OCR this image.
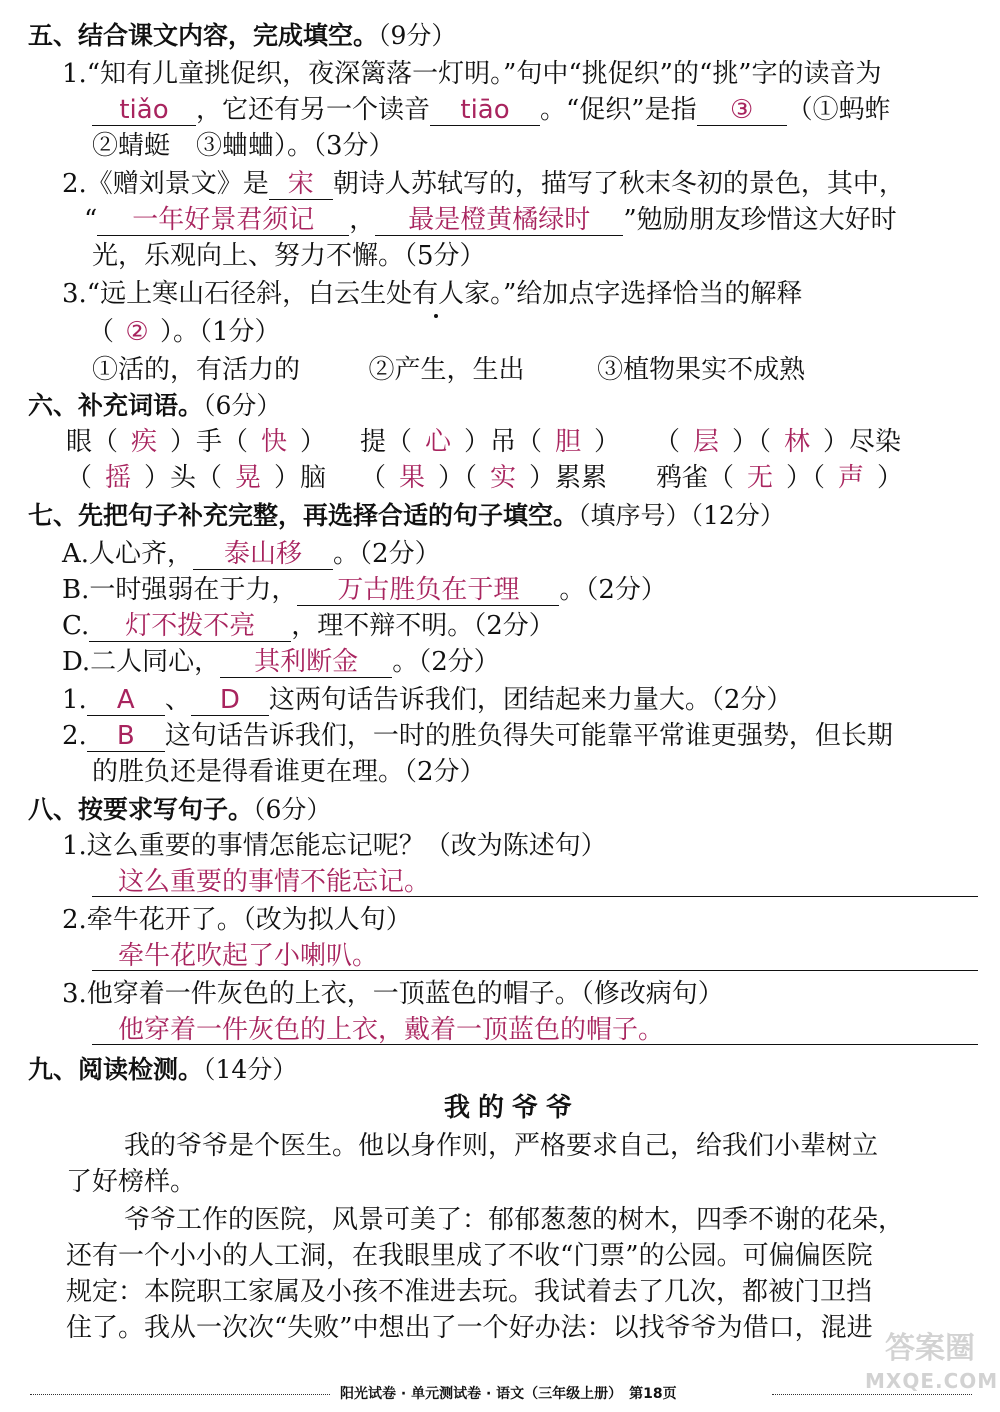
五、结合课文内容，完成填空。（9分）
1.“知有儿童挑促织，夜深篱落一灯明。”句中“挑促织”的“挑”字的读音为
tiǎo ，它还有另一个读音 tiāo 。“促织”是指 ③ （①蚂蚱
②蜻蜓　③蛐蛐）。（3分）
2.《赠刘景文》是 宋 朝诗人苏轼写的，描写了秋末冬初的景色，其中，
“ 一年好景君须记 ， 最是橙黄橘绿时 ”勉励朋友珍惜这大好时
光，乐观向上、努力不懈。（5分）
3.“远上寒山石径斜，白云生处有人家。”给加点字选择恰当的解释
（ ② ）。（1分）
①活的，有活力的	②产生，生出	③植物果实不成熟
六、补充词语。（6分）
眼（ 疾 ）手（ 快 ） 提（ 心 ）吊（ 胆 ） （ 层 ）（ 林 ）尽染
（ 摇 ）头（ 晃 ）脑 （ 果 ）（ 实 ）累累 鸦雀（ 无 ）（ 声 ）
七、先把句子补充完整，再选择合适的句子填空。（填序号）（12分）
A.人心齐， 泰山移 。（2分）
B.一时强弱在于力， 万古胜负在于理 。（2分）
C. 灯不拨不亮 ，理不辩不明。（2分）
D.二人同心， 其利断金 。（2分）
1. A 、 D 这两句话告诉我们，团结起来力量大。（2分）
2. B 这句话告诉我们，一时的胜负得失可能靠平常谁更强势，但长期
的胜负还是得看谁更在理。（2分）
八、按要求写句子。（6分）
1.这么重要的事情怎能忘记呢？（改为陈述句）
这么重要的事情不能忘记。
2.牵牛花开了。（改为拟人句）
牵牛花吹起了小喇叭。
3.他穿着一件灰色的上衣，一顶蓝色的帽子。（修改病句）
他穿着一件灰色的上衣，戴着一顶蓝色的帽子。
九、阅读检测。（14分）
我的爷爷
我的爷爷是个医生。他以身作则，严格要求自己，给我们小辈树立
了好榜样。
爷爷工作的医院，风景可美了：郁郁葱葱的树木，四季不谢的花朵，
还有一个小小的人工洞，在我眼里成了不收“门票”的公园。可偏偏医院
规定：本院职工家属及小孩不准进去玩。我试着去了几次，都被门卫挡
住了。我从一次次“失败”中想出了一个好办法：以找爷爷为借口，混进
阳光试卷 · 单元测试卷 · 语文（三年级上册）　第18页
答案圈
MXQE.COM
